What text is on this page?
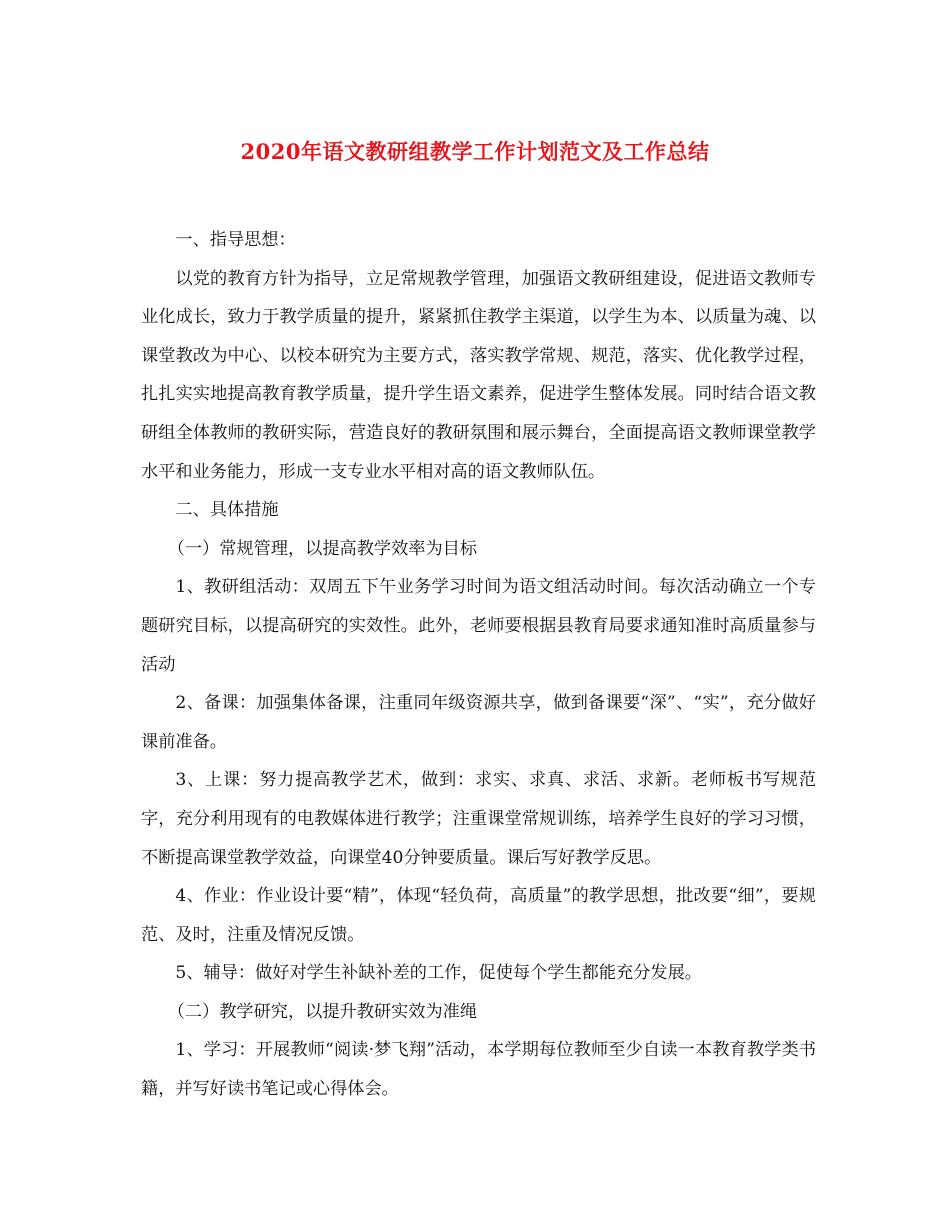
2020年语文教研组教学工作计划范文及工作总结

一、指导思想：

以党的教育方针为指导，立足常规教学管理，加强语文教研组建设，促进语文教师专业化成长，致力于教学质量的提升，紧紧抓住教学主渠道，以学生为本、以质量为魂、以课堂教改为中心、以校本研究为主要方式，落实教学常规、规范，落实、优化教学过程，扎扎实实地提高教育教学质量，提升学生语文素养，促进学生整体发展。同时结合语文教研组全体教师的教研实际，营造良好的教研氛围和展示舞台，全面提高语文教师课堂教学水平和业务能力，形成一支专业水平相对高的语文教师队伍。

二、具体措施

（一）常规管理，以提高教学效率为目标

1、教研组活动：双周五下午业务学习时间为语文组活动时间。每次活动确立一个专题研究目标，以提高研究的实效性。此外，老师要根据县教育局要求通知准时高质量参与活动

2、备课：加强集体备课，注重同年级资源共享，做到备课要“深”、“实”，充分做好课前准备。

3、上课：努力提高教学艺术，做到：求实、求真、求活、求新。老师板书写规范字，充分利用现有的电教媒体进行教学；注重课堂常规训练，培养学生良好的学习习惯，不断提高课堂教学效益，向课堂40分钟要质量。课后写好教学反思。

4、作业：作业设计要“精”，体现“轻负荷，高质量”的教学思想，批改要“细”，要规范、及时，注重及情况反馈。

5、辅导：做好对学生补缺补差的工作，促使每个学生都能充分发展。

（二）教学研究，以提升教研实效为准绳

1、学习：开展教师“阅读·梦飞翔”活动，本学期每位教师至少自读一本教育教学类书籍，并写好读书笔记或心得体会。
